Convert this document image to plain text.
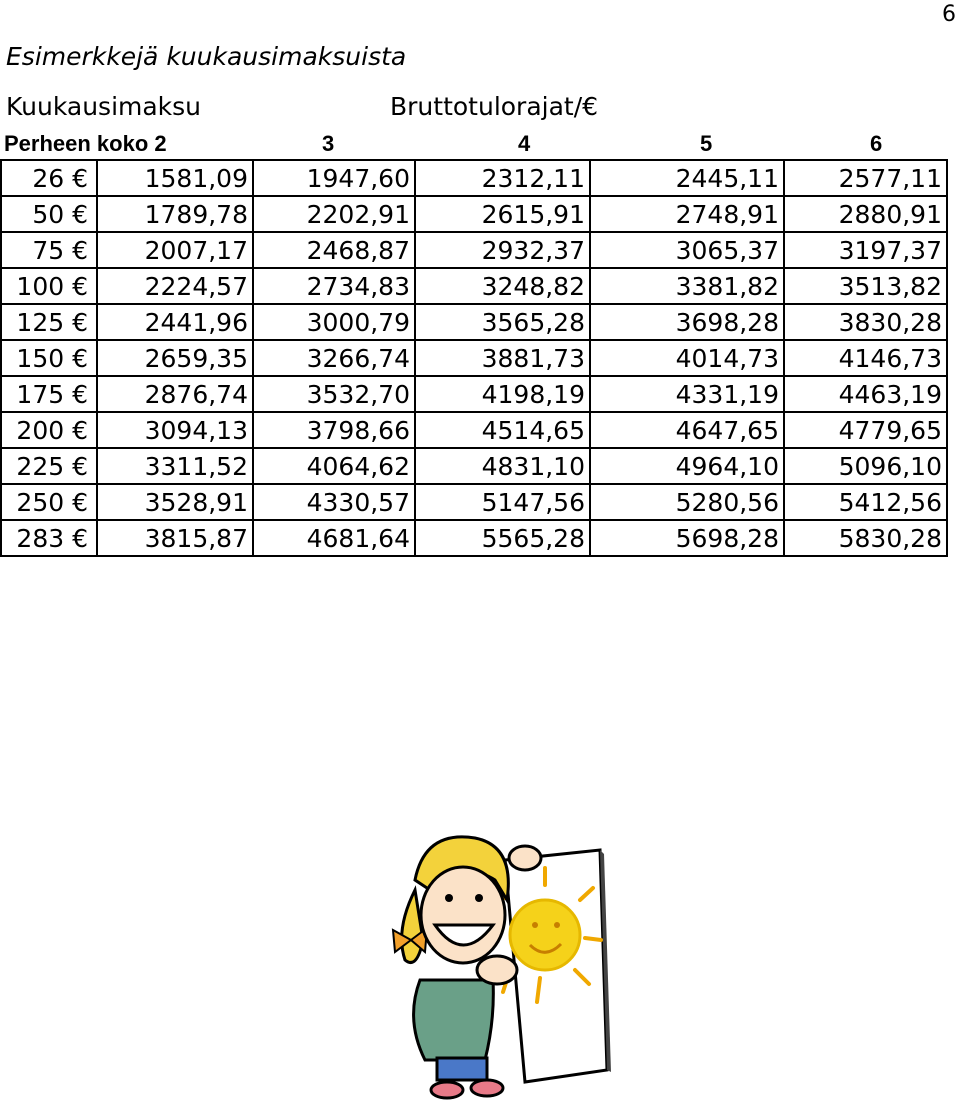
6
Esimerkkejä kuukausimaksuista
Kuukausimaksu	Bruttotulorajat/€
Perheen koko 2	3	4	5	6
26 €	1581,09	1947,60	2312,11	2445,11	2577,11
50 €	1789,78	2202,91	2615,91	2748,91	2880,91
75 €	2007,17	2468,87	2932,37	3065,37	3197,37
100 €	2224,57	2734,83	3248,82	3381,82	3513,82
125 €	2441,96	3000,79	3565,28	3698,28	3830,28
150 €	2659,35	3266,74	3881,73	4014,73	4146,73
175 €	2876,74	3532,70	4198,19	4331,19	4463,19
200 €	3094,13	3798,66	4514,65	4647,65	4779,65
225 €	3311,52	4064,62	4831,10	4964,10	5096,10
250 €	3528,91	4330,57	5147,56	5280,56	5412,56
283 €	3815,87	4681,64	5565,28	5698,28	5830,28
